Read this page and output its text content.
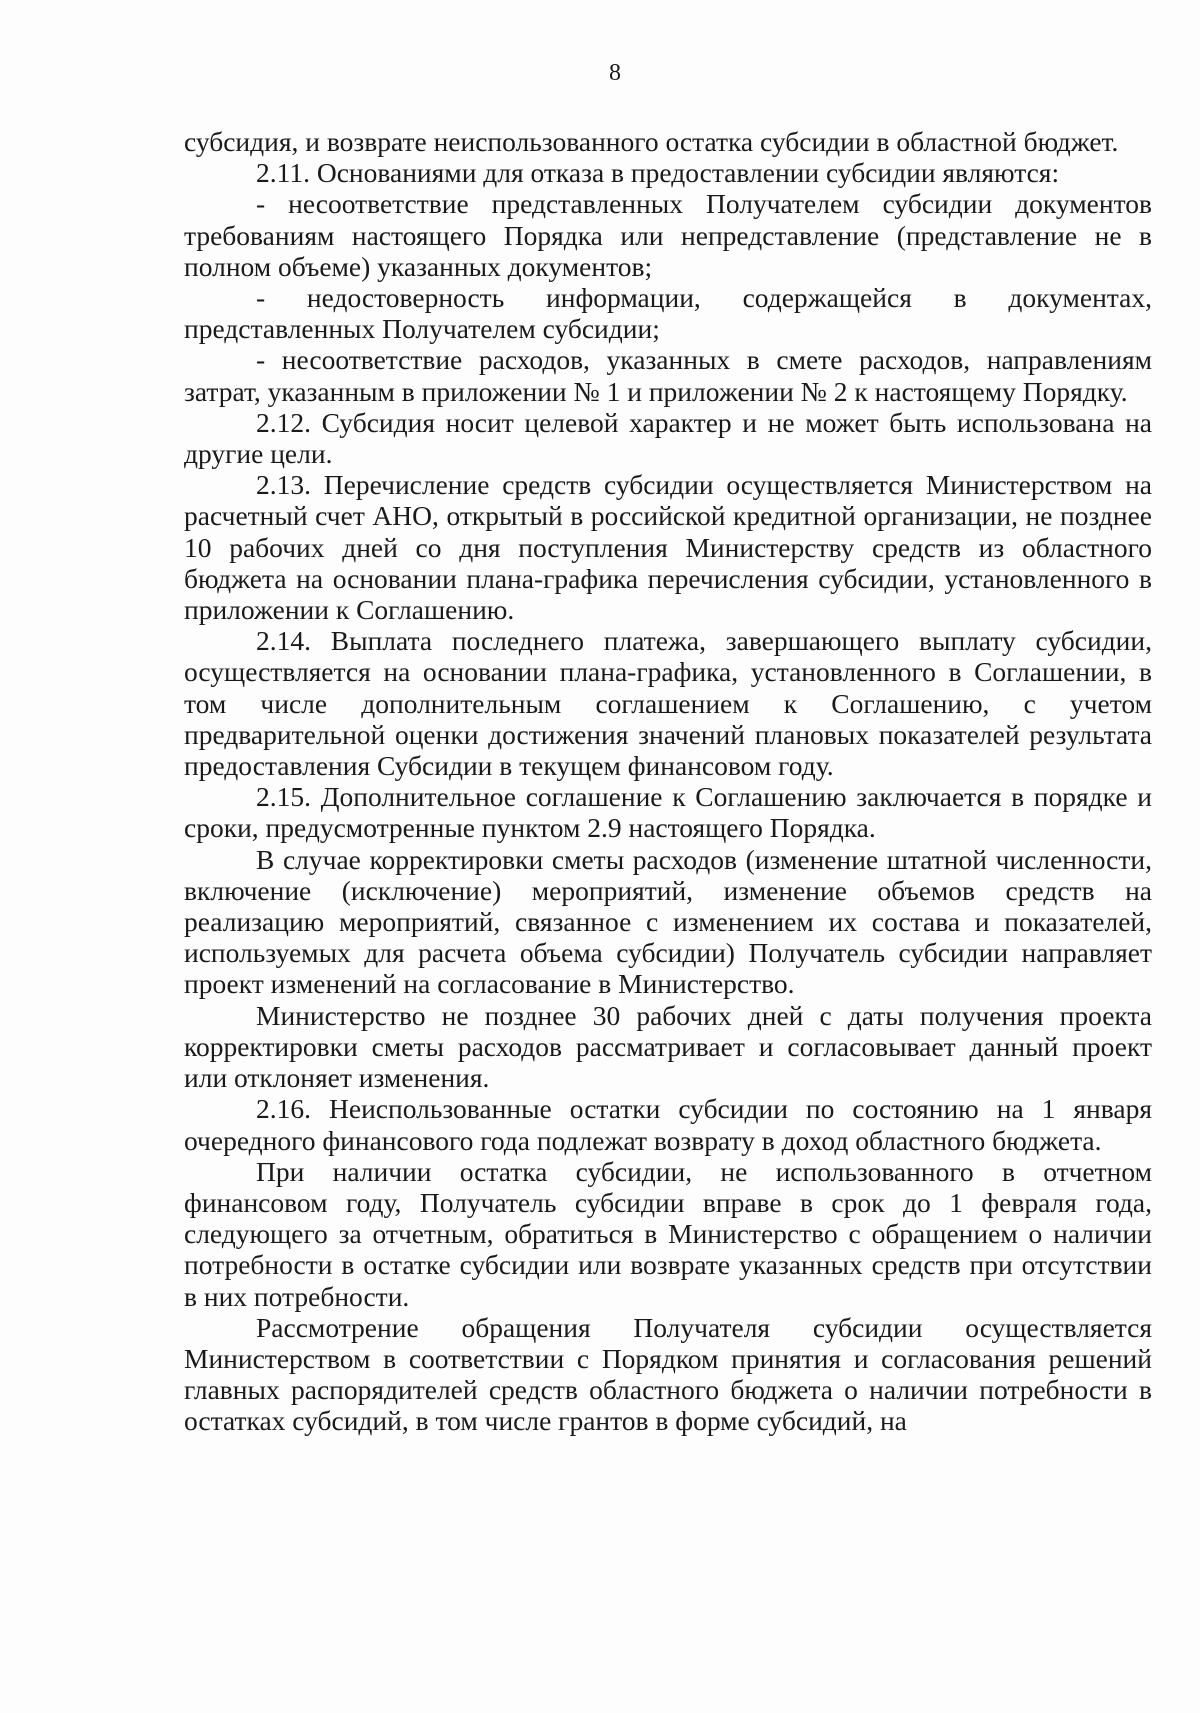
8

субсидия, и возврате неиспользованного остатка субсидии в областной бюджет.

2.11. Основаниями для отказа в предоставлении субсидии являются:

- несоответствие представленных Получателем субсидии документов требованиям настоящего Порядка или непредставление (представление не в полном объеме) указанных документов;

- недостоверность информации, содержащейся в документах, представленных Получателем субсидии;

- несоответствие расходов, указанных в смете расходов, направлениям затрат, указанным в приложении № 1 и приложении № 2 к настоящему Порядку.

2.12. Субсидия носит целевой характер и не может быть использована на другие цели.

2.13. Перечисление средств субсидии осуществляется Министерством на расчетный счет АНО, открытый в российской кредитной организации, не позднее 10 рабочих дней со дня поступления Министерству средств из областного бюджета на основании плана-графика перечисления субсидии, установленного в приложении к Соглашению.

2.14. Выплата последнего платежа, завершающего выплату субсидии, осуществляется на основании плана-графика, установленного в Соглашении, в том числе дополнительным соглашением к Соглашению, с учетом предварительной оценки достижения значений плановых показателей результата предоставления Субсидии в текущем финансовом году.

2.15. Дополнительное соглашение к Соглашению заключается в порядке и сроки, предусмотренные пунктом 2.9 настоящего Порядка.

В случае корректировки сметы расходов (изменение штатной численности, включение (исключение) мероприятий, изменение объемов средств на реализацию мероприятий, связанное с изменением их состава и показателей, используемых для расчета объема субсидии) Получатель субсидии направляет проект изменений на согласование в Министерство.

Министерство не позднее 30 рабочих дней с даты получения проекта корректировки сметы расходов рассматривает и согласовывает данный проект или отклоняет изменения.

2.16. Неиспользованные остатки субсидии по состоянию на 1 января очередного финансового года подлежат возврату в доход областного бюджета.

При наличии остатка субсидии, не использованного в отчетном финансовом году, Получатель субсидии вправе в срок до 1 февраля года, следующего за отчетным, обратиться в Министерство с обращением о наличии потребности в остатке субсидии или возврате указанных средств при отсутствии в них потребности.

Рассмотрение обращения Получателя субсидии осуществляется Министерством в соответствии с Порядком принятия и согласования решений главных распорядителей средств областного бюджета о наличии потребности в остатках субсидий, в том числе грантов в форме субсидий, на
